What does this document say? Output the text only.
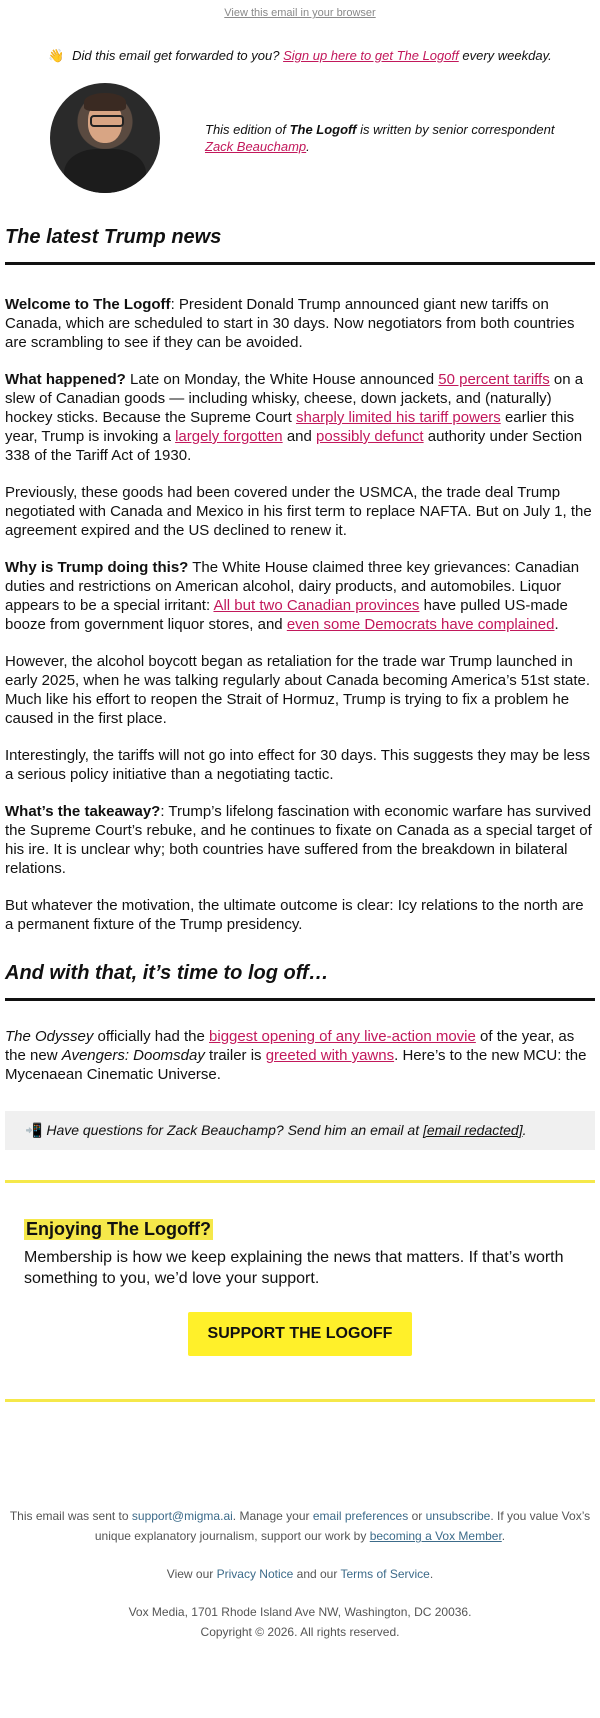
View this email in your browser
👋 Did this email get forwarded to you? Sign up here to get The Logoff every weekday.
This edition of The Logoff is written by senior correspondent Zack Beauchamp.
The latest Trump news

Welcome to The Logoff: President Donald Trump announced giant new tariffs on Canada, which are scheduled to start in 30 days. Now negotiators from both countries are scrambling to see if they can be avoided.

What happened? Late on Monday, the White House announced 50 percent tariffs on a slew of Canadian goods — including whisky, cheese, down jackets, and (naturally) hockey sticks. Because the Supreme Court sharply limited his tariff powers earlier this year, Trump is invoking a largely forgotten and possibly defunct authority under Section 338 of the Tariff Act of 1930.

Previously, these goods had been covered under the USMCA, the trade deal Trump negotiated with Canada and Mexico in his first term to replace NAFTA. But on July 1, the agreement expired and the US declined to renew it.

Why is Trump doing this? The White House claimed three key grievances: Canadian duties and restrictions on American alcohol, dairy products, and automobiles. Liquor appears to be a special irritant: All but two Canadian provinces have pulled US-made booze from government liquor stores, and even some Democrats have complained.

However, the alcohol boycott began as retaliation for the trade war Trump launched in early 2025, when he was talking regularly about Canada becoming America’s 51st state. Much like his effort to reopen the Strait of Hormuz, Trump is trying to fix a problem he caused in the first place.

Interestingly, the tariffs will not go into effect for 30 days. This suggests they may be less a serious policy initiative than a negotiating tactic.

What’s the takeaway?: Trump’s lifelong fascination with economic warfare has survived the Supreme Court’s rebuke, and he continues to fixate on Canada as a special target of his ire. It is unclear why; both countries have suffered from the breakdown in bilateral relations.

But whatever the motivation, the ultimate outcome is clear: Icy relations to the north are a permanent fixture of the Trump presidency.

And with that, it’s time to log off…

The Odyssey officially had the biggest opening of any live-action movie of the year, as the new Avengers: Doomsday trailer is greeted with yawns. Here’s to the new MCU: the Mycenaean Cinematic Universe.

📲 Have questions for Zack Beauchamp? Send him an email at [email redacted].
Enjoying The Logoff?

Membership is how we keep explaining the news that matters. If that’s worth something to you, we’d love your support.

SUPPORT THE LOGOFF

This email was sent to support@migma.ai. Manage your email preferences or unsubscribe. If you value Vox’s unique explanatory journalism, support our work by becoming a Vox Member.

View our Privacy Notice and our Terms of Service.

Vox Media, 1701 Rhode Island Ave NW, Washington, DC 20036.
Copyright © 2026. All rights reserved.
